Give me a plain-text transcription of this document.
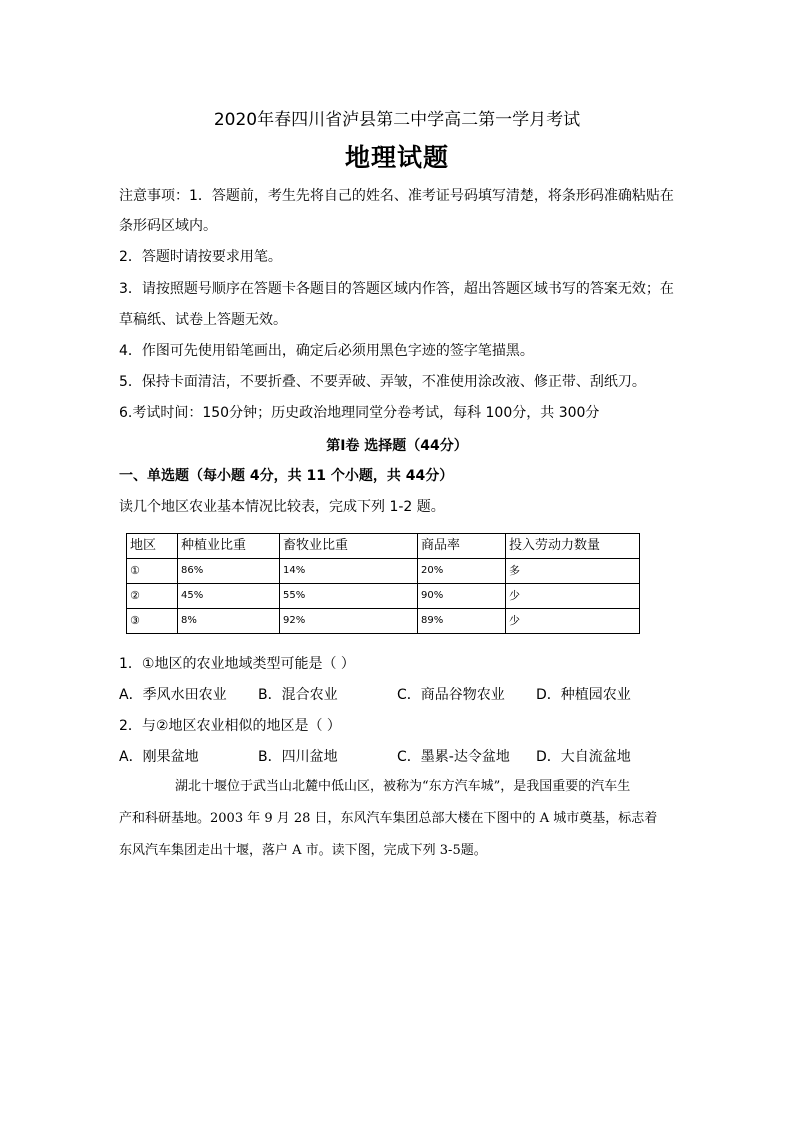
2020年春四川省泸县第二中学高二第一学月考试
地理试题
注意事项：1．答题前，考生先将自己的姓名、准考证号码填写清楚，将条形码准确粘贴在
条形码区域内。
2．答题时请按要求用笔。
3．请按照题号顺序在答题卡各题目的答题区域内作答，超出答题区域书写的答案无效；在
草稿纸、试卷上答题无效。
4．作图可先使用铅笔画出，确定后必须用黑色字迹的签字笔描黑。
5．保持卡面清洁，不要折叠、不要弄破、弄皱，不准使用涂改液、修正带、刮纸刀。
6.考试时间：150分钟；历史政治地理同堂分卷考试，每科 100分，共 300分
第Ⅰ卷 选择题（44分）
一、单选题（每小题 4分，共 11 个小题，共 44分）
读几个地区农业基本情况比较表，完成下列 1-2 题。
地区	种植业比重	畜牧业比重	商品率	投入劳动力数量
①	86%	14%	20%	多
②	45%	55%	90%	少
③	8%	92%	89%	少
1．①地区的农业地域类型可能是（ ）
A．季风水田农业 B．混合农业	C．商品谷物农业 D．种植园农业
2．与②地区农业相似的地区是（ ）
A．刚果盆地	B．四川盆地	C．墨累-达令盆地 D．大自流盆地
湖北十堰位于武当山北麓中低山区，被称为“东方汽车城”，是我国重要的汽车生
产和科研基地。2003 年 9 月 28 日，东风汽车集团总部大楼在下图中的 A 城市奠基，标志着
东风汽车集团走出十堰，落户 A 市。读下图，完成下列 3-5题。
